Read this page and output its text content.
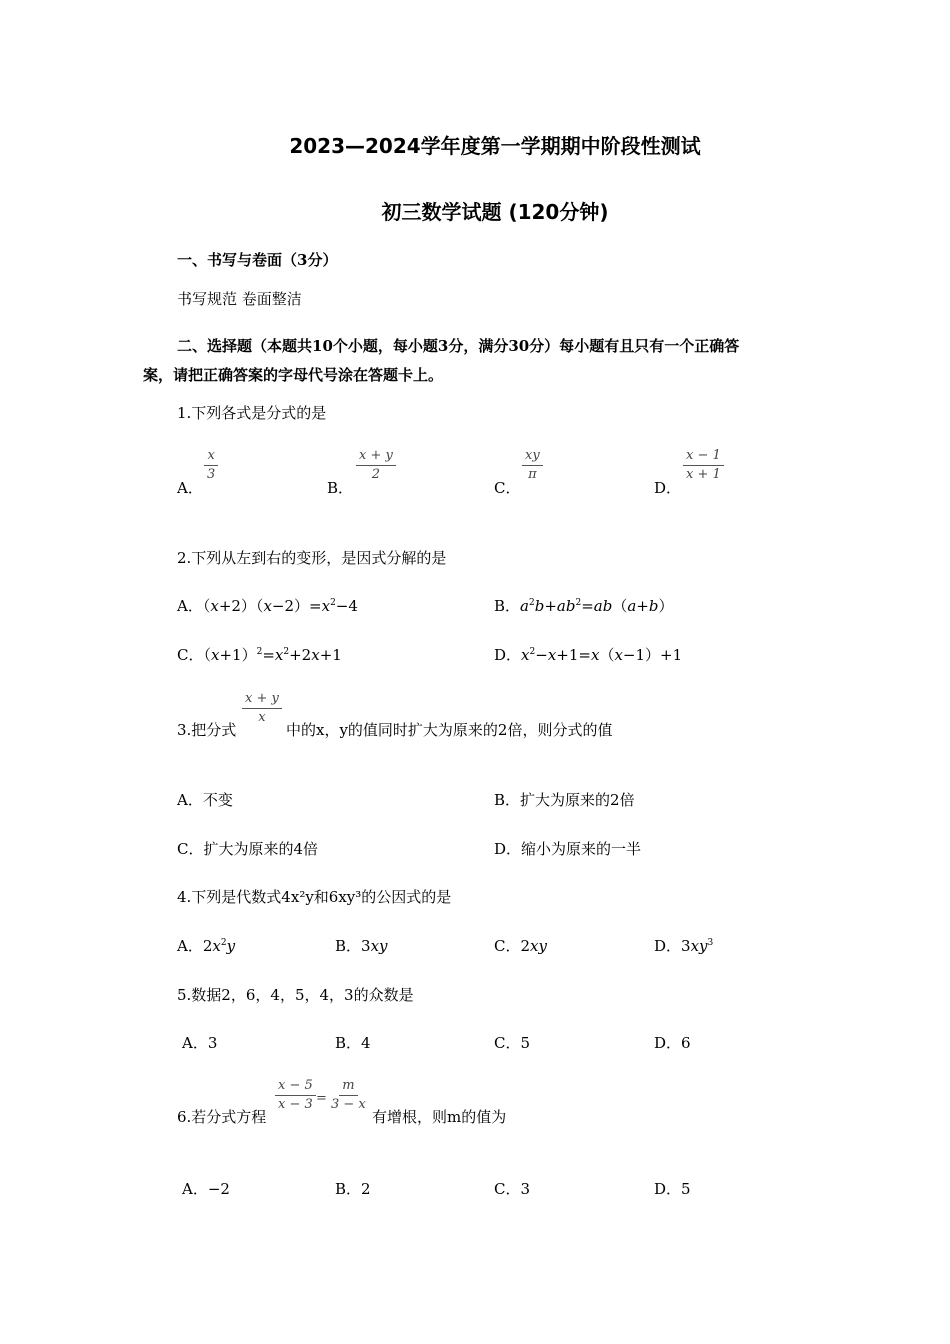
2023—2024学年度第一学期期中阶段性测试
初三数学试题 (120分钟)
一、书写与卷面（3分）
书写规范 卷面整洁
二、选择题（本题共10个小题，每小题3分，满分30分）每小题有且只有一个正确答
案，请把正确答案的字母代号涂在答题卡上。
1.下列各式是分式的是
A．
$\frac{x}{3}$
B．
$\frac{x + y}{2}$
C．
$\frac{xy}{\pi}$
D．
$\frac{x - 1}{x + 1}$
2.下列从左到右的变形，是因式分解的是
A．$(x+2)(x-2)=x^2-4$	B．$a^2b+ab^2=ab(a+b)$
C．$(x+1)^2=x^2+2x+1$	D．$x^2-x+1=x(x-1)+1$
3.把分式
$\frac{x + y}{x}$
中的x，y的值同时扩大为原来的2倍，则分式的值
A．不变	B．扩大为原来的2倍
C．扩大为原来的4倍	D．缩小为原来的一半
4.下列是代数式4x²y和6xy³的公因式的是
A．$2x^2y$	B．3xy	C．2xy	D．$3xy^3$
5.数据2，6，4，5，4，3的众数是
A．3	B．4	C．5	D．6
6.若分式方程
$\frac{x - 5}{x - 3} = \frac{m}{3 - x}$
有增根，则m的值为
A．−2	B．2	C．3	D．5
